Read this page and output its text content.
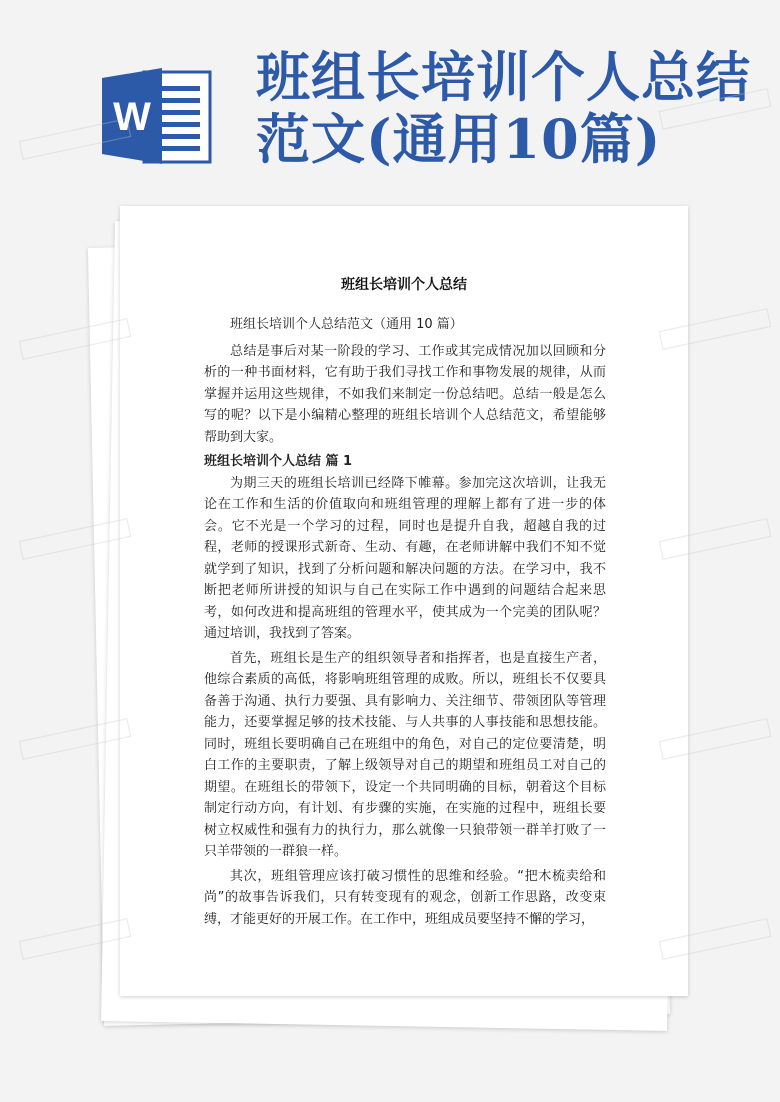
W
班组长培训个人总结范文(通用10篇)
班组长培训个人总结

班组长培训个人总结范文（通用 10 篇）

总结是事后对某一阶段的学习、工作或其完成情况加以回顾和分析的一种书面材料，它有助于我们寻找工作和事物发展的规律，从而掌握并运用这些规律，不如我们来制定一份总结吧。总结一般是怎么写的呢？以下是小编精心整理的班组长培训个人总结范文，希望能够帮助到大家。

班组长培训个人总结 篇 1

为期三天的班组长培训已经降下帷幕。参加完这次培训，让我无论在工作和生活的价值取向和班组管理的理解上都有了进一步的体会。它不光是一个学习的过程，同时也是提升自我，超越自我的过程，老师的授课形式新奇、生动、有趣，在老师讲解中我们不知不觉就学到了知识，找到了分析问题和解决问题的方法。在学习中，我不断把老师所讲授的知识与自己在实际工作中遇到的问题结合起来思考，如何改进和提高班组的管理水平，使其成为一个完美的团队呢？通过培训，我找到了答案。

首先，班组长是生产的组织领导者和指挥者，也是直接生产者，他综合素质的高低，将影响班组管理的成败。所以，班组长不仅要具备善于沟通、执行力要强、具有影响力、关注细节、带领团队等管理能力，还要掌握足够的技术技能、与人共事的人事技能和思想技能。同时，班组长要明确自己在班组中的角色，对自己的定位要清楚，明白工作的主要职责，了解上级领导对自己的期望和班组员工对自己的期望。在班组长的带领下，设定一个共同明确的目标，朝着这个目标制定行动方向，有计划、有步骤的实施，在实施的过程中，班组长要树立权威性和强有力的执行力，那么就像一只狼带领一群羊打败了一只羊带领的一群狼一样。

其次，班组管理应该打破习惯性的思维和经验。“把木梳卖给和尚”的故事告诉我们，只有转变现有的观念，创新工作思路，改变束缚，才能更好的开展工作。在工作中，班组成员要坚持不懈的学习，
